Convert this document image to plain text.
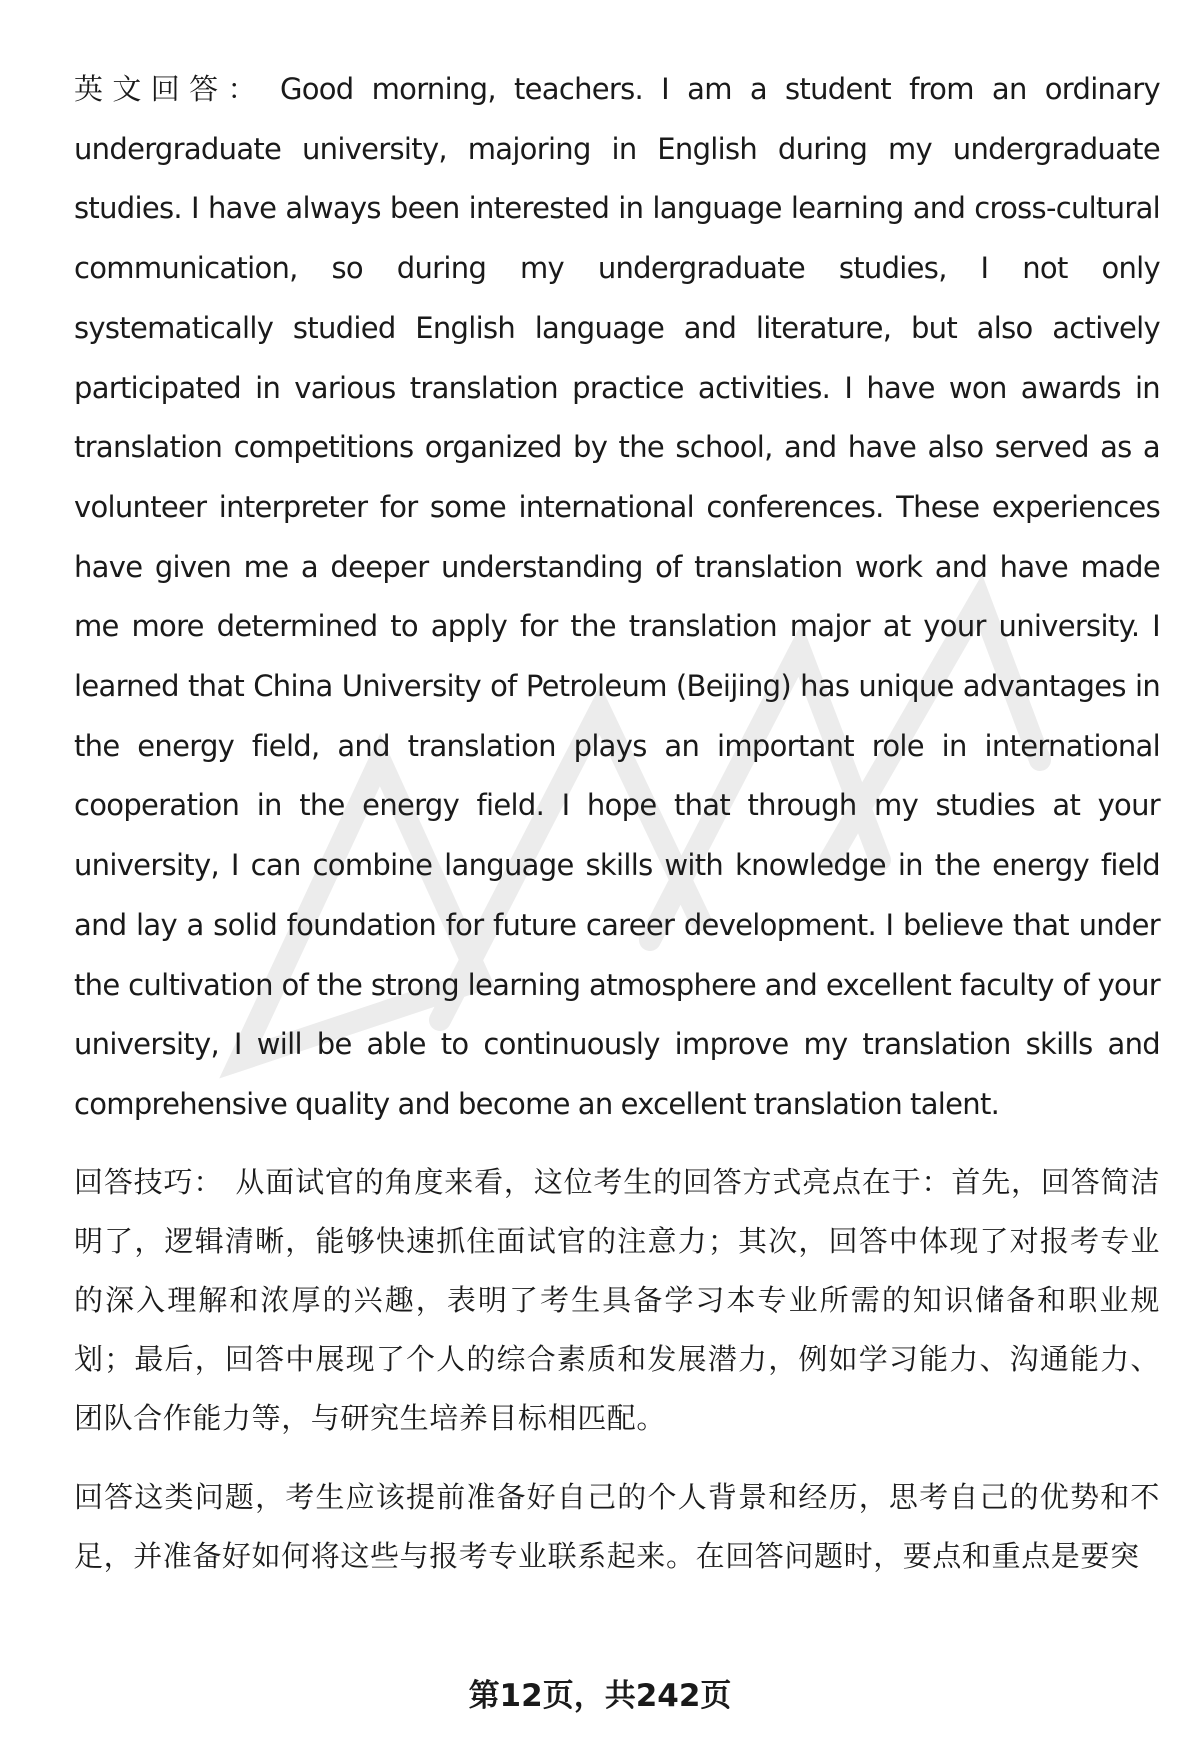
英文回答： Good morning, teachers. I am a student from an ordinary undergraduate university, majoring in English during my undergraduate studies. I have always been interested in language learning and cross-cultural communication, so during my undergraduate studies, I not only systematically studied English language and literature, but also actively participated in various translation practice activities. I have won awards in translation competitions organized by the school, and have also served as a volunteer interpreter for some international conferences. These experiences have given me a deeper understanding of translation work and have made me more determined to apply for the translation major at your university. I learned that China University of Petroleum (Beijing) has unique advantages in the energy field, and translation plays an important role in international cooperation in the energy field. I hope that through my studies at your university, I can combine language skills with knowledge in the energy field and lay a solid foundation for future career development. I believe that under the cultivation of the strong learning atmosphere and excellent faculty of your university, I will be able to continuously improve my translation skills and comprehensive quality and become an excellent translation talent.

回答技巧： 从面试官的角度来看，这位考生的回答方式亮点在于：首先，回答简洁明了，逻辑清晰，能够快速抓住面试官的注意力；其次，回答中体现了对报考专业的深入理解和浓厚的兴趣，表明了考生具备学习本专业所需的知识储备和职业规划；最后，回答中展现了个人的综合素质和发展潜力，例如学习能力、沟通能力、团队合作能力等，与研究生培养目标相匹配。

回答这类问题，考生应该提前准备好自己的个人背景和经历，思考自己的优势和不足，并准备好如何将这些与报考专业联系起来。在回答问题时，要点和重点是要突

第12页，共242页
